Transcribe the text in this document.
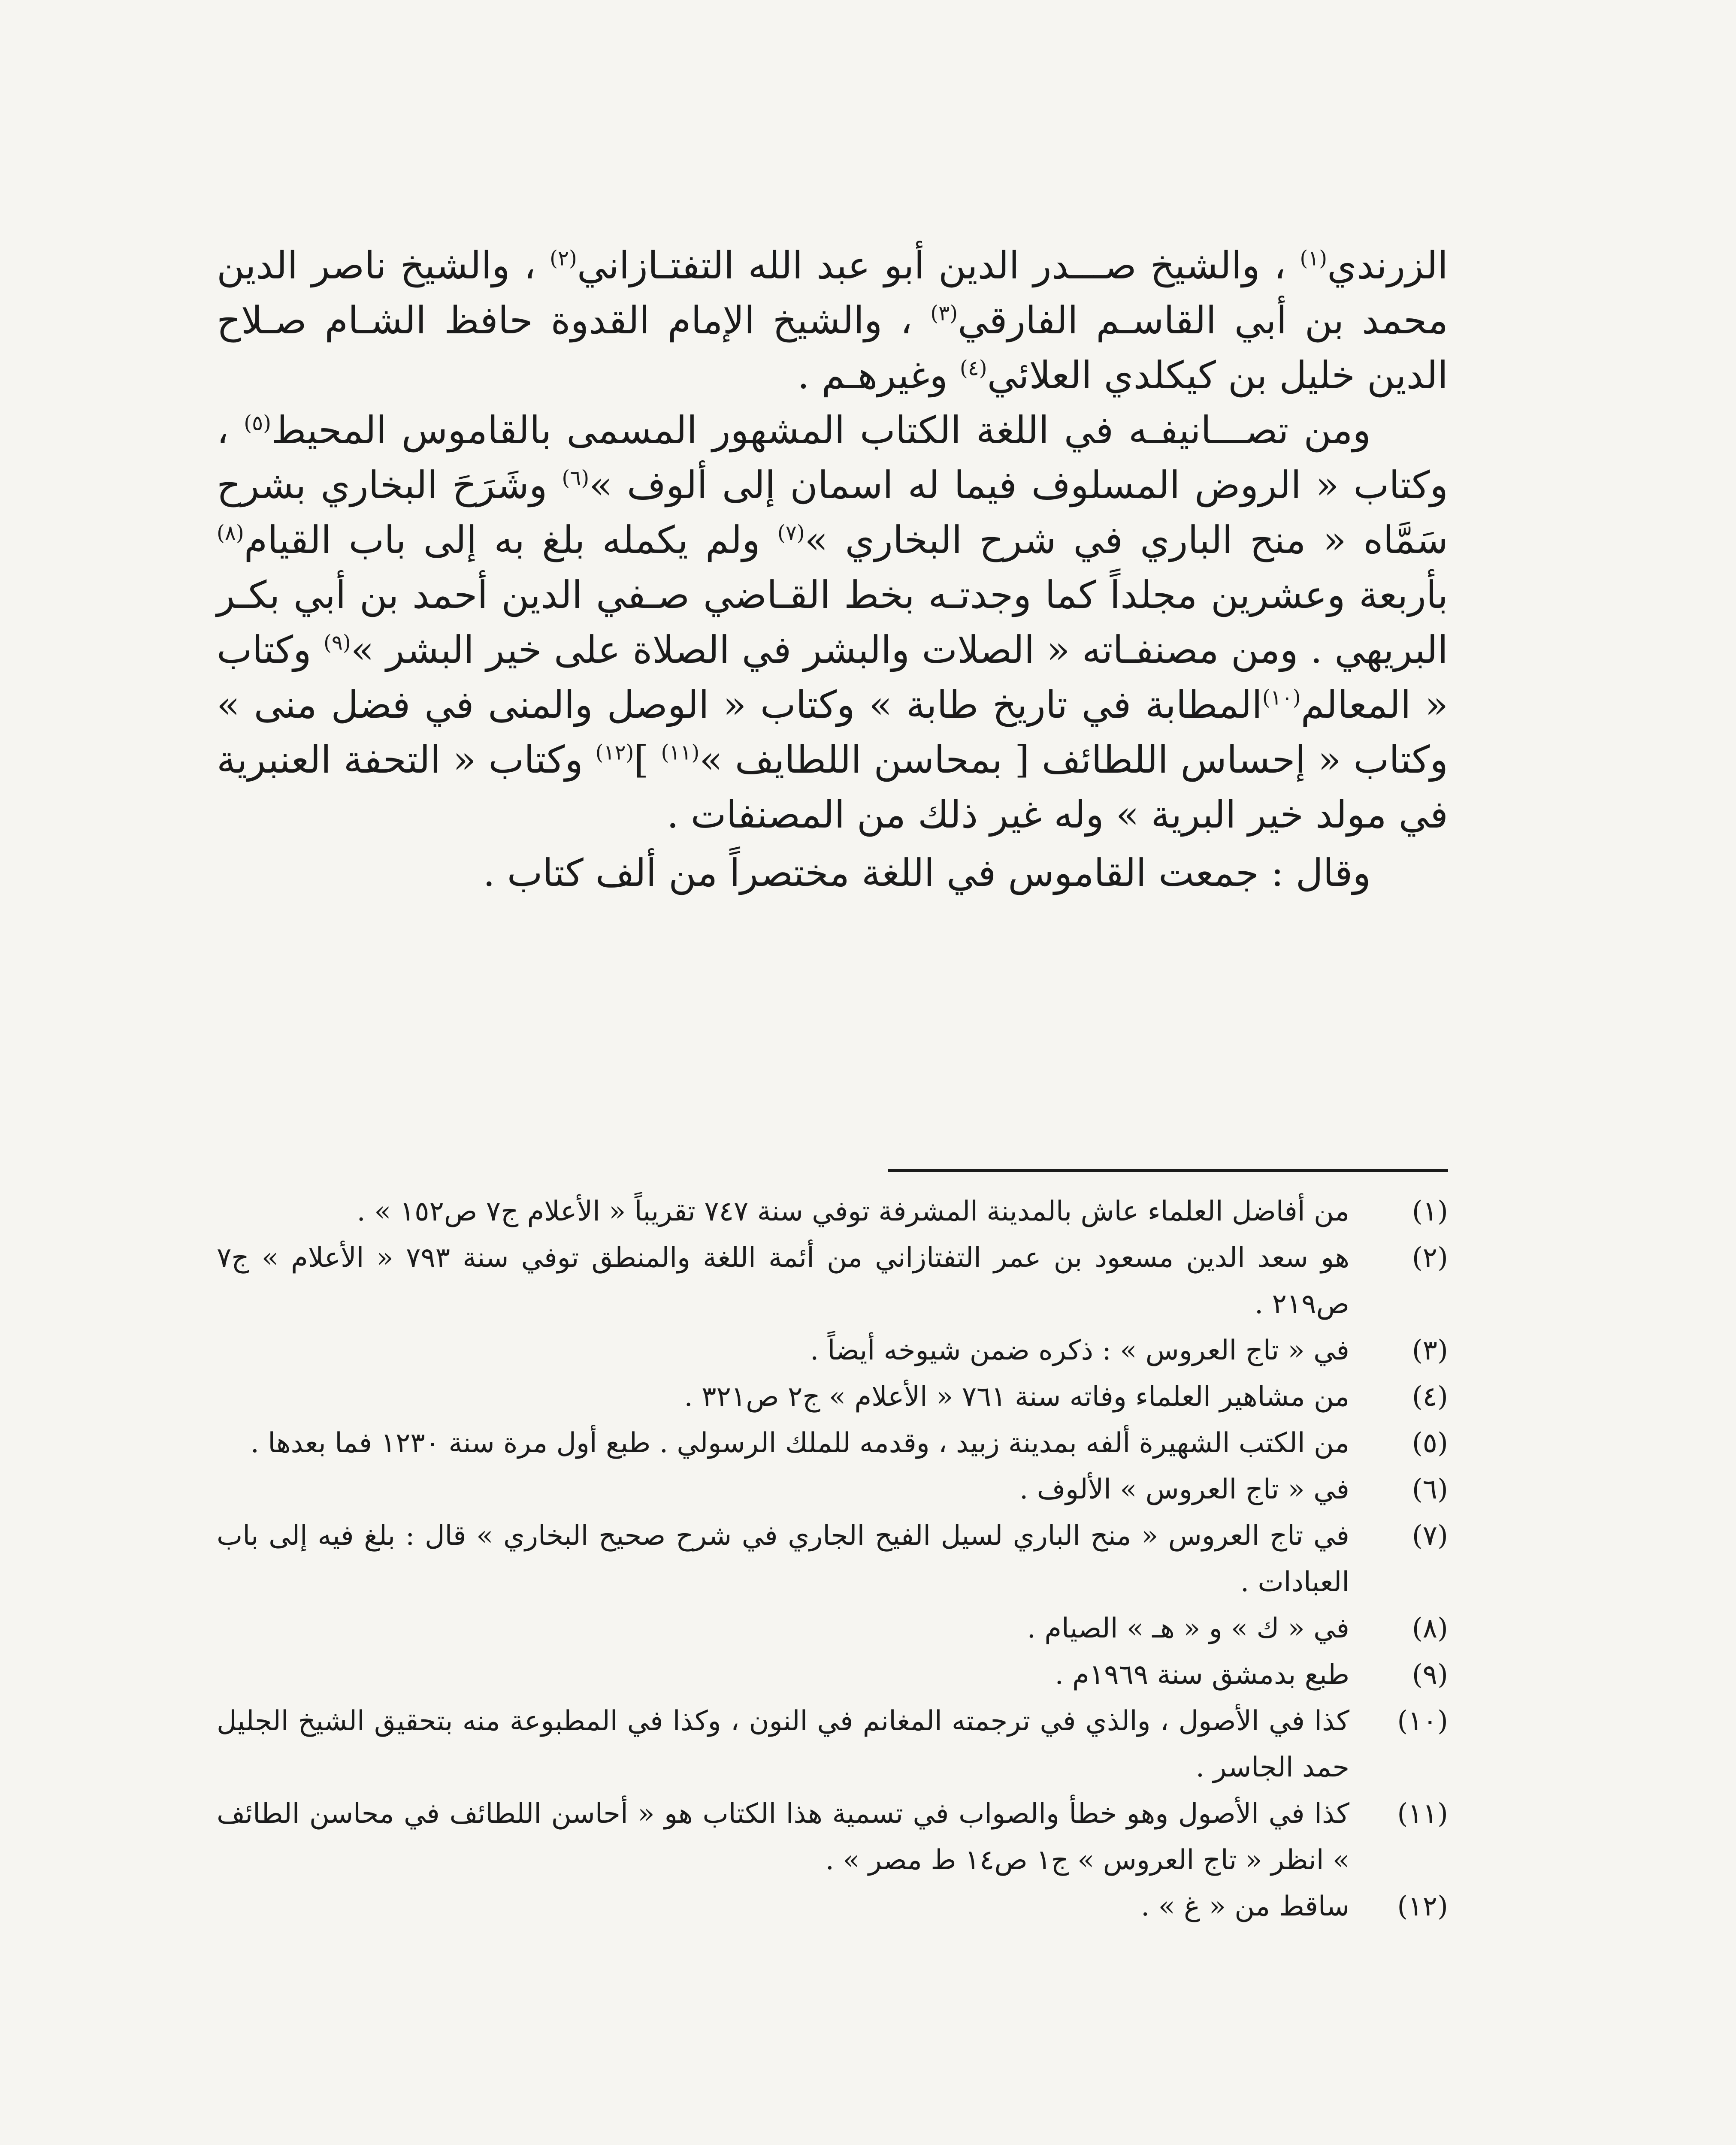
الزرندي$^{(١)}$ ، والشيخ صـــدر الدين أبو عبد الله التفتـازاني$^{(٢)}$ ، والشيخ ناصر الدين محمد بن أبي القاسـم الفارقي$^{(٣)}$ ، والشيخ الإمام القدوة حافظ الشـام صـلاح الدين خليل بن كيكلدي العلائي$^{(٤)}$ وغيرهـم .

ومن تصـــانيفـه في اللغة الكتاب المشهور المسمى بالقاموس المحيط$^{(٥)}$ ، وكتاب « الروض المسلوف فيما له اسمان إلى ألوف »$^{(٦)}$ وشَرَحَ البخاري بشرح سَمَّاه « منح الباري في شرح البخاري »$^{(٧)}$ ولم يكمله بلغ به إلى باب القيام$^{(٨)}$ بأربعة وعشرين مجلداً كما وجدتـه بخط القـاضي صـفي الدين أحمد بن أبي بكـر البريهي . ومن مصنفـاته « الصلات والبشر في الصلاة على خير البشر »$^{(٩)}$ وكتاب « المعالم$^{(١٠)}$المطابة في تاريخ طابة » وكتاب « الوصل والمنى في فضل منى » وكتاب « إحساس اللطائف [ بمحاسن اللطايف »$^{(١١)}$ ]$^{(١٢)}$ وكتاب « التحفة العنبرية في مولد خير البرية » وله غير ذلك من المصنفات .

وقال : جمعت القاموس في اللغة مختصراً من ألف كتاب .

(١)
من أفاضل العلماء عاش بالمدينة المشرفة توفي سنة ٧٤٧ تقريباً « الأعلام ج٧ ص١٥٢ » .
(٢)
هو سعد الدين مسعود بن عمر التفتازاني من أئمة اللغة والمنطق توفي سنة ٧٩٣ « الأعلام » ج٧ ص٢١٩ .
(٣)
في « تاج العروس » : ذكره ضمن شيوخه أيضاً .
(٤)
من مشاهير العلماء وفاته سنة ٧٦١ « الأعلام » ج٢ ص٣٢١ .
(٥)
من الكتب الشهيرة ألفه بمدينة زبيد ، وقدمه للملك الرسولي . طبع أول مرة سنة ١٢٣٠ فما بعدها .
(٦)
في « تاج العروس » الألوف .
(٧)
في تاج العروس « منح الباري لسيل الفيح الجاري في شرح صحيح البخاري » قال : بلغ فيه إلى باب العبادات .
(٨)
في « ك » و « هـ » الصيام .
(٩)
طبع بدمشق سنة ١٩٦٩م .
(١٠)
كذا في الأصول ، والذي في ترجمته المغانم في النون ، وكذا في المطبوعة منه بتحقيق الشيخ الجليل حمد الجاسر .
(١١)
كذا في الأصول وهو خطأ والصواب في تسمية هذا الكتاب هو « أحاسن اللطائف في محاسن الطائف » انظر « تاج العروس » ج١ ص١٤ ط مصر » .
(١٢)
ساقط من « غ » .
